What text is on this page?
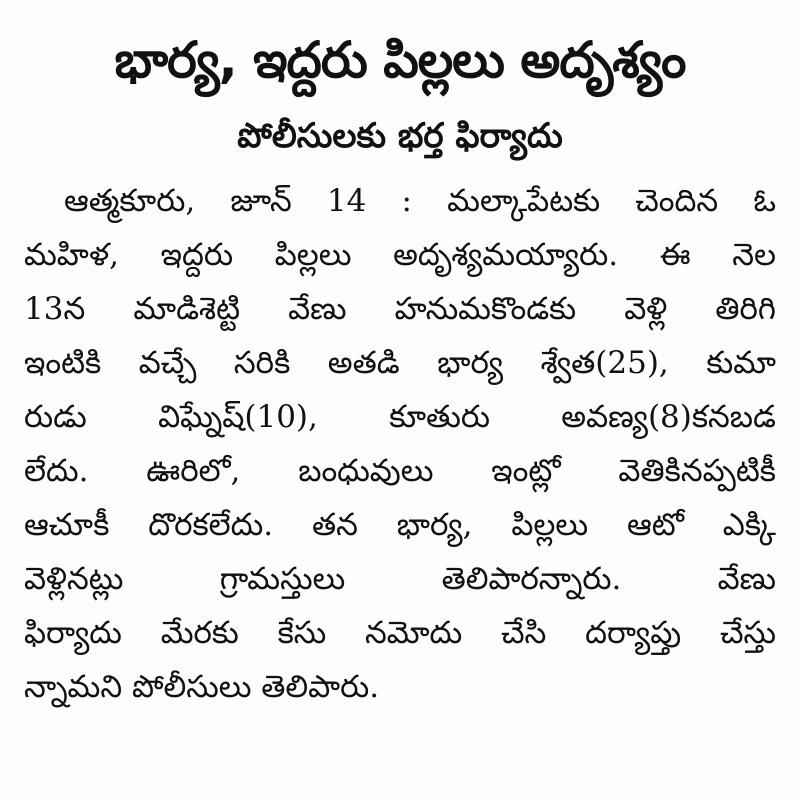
భార్య, ఇద్దరు పిల్లలు అదృశ్యం
పోలీసులకు భర్త ఫిర్యాదు
ఆత్మకూరు, జూన్ 14 : మల్కాపేటకు చెందిన ఓ
మహిళ, ఇద్దరు పిల్లలు అదృశ్యమయ్యారు. ఈ నెల
13న మాడిశెట్టి వేణు హనుమకొండకు వెళ్లి తిరిగి
ఇంటికి వచ్చే సరికి అతడి భార్య శ్వేత(25), కుమా
రుడు విఘ్నేష్(10), కూతురు అవణ్య(8)కనబడ
లేదు. ఊరిలో, బంధువులు ఇంట్లో వెతికినప్పటికీ
ఆచూకీ దొరకలేదు. తన భార్య, పిల్లలు ఆటో ఎక్కి
వెళ్లినట్లు గ్రామస్తులు తెలిపారన్నారు. వేణు
ఫిర్యాదు మేరకు కేసు నమోదు చేసి దర్యాప్తు చేస్తు
న్నామని పోలీసులు తెలిపారు.
